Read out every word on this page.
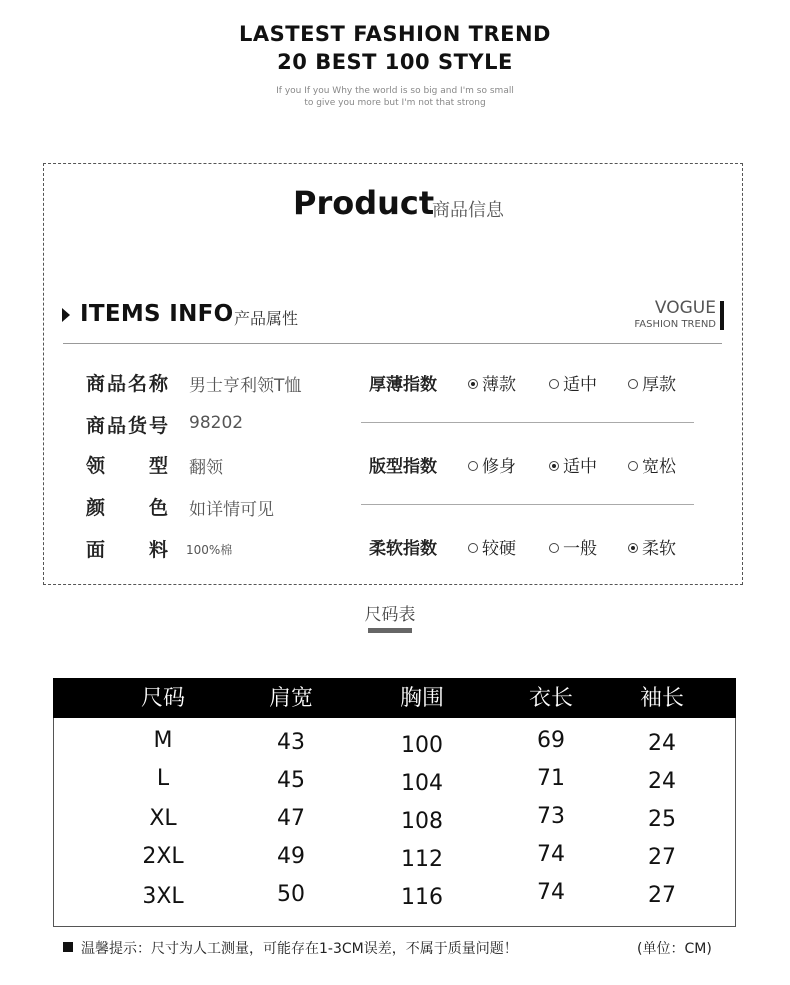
LASTEST FASHION TREND
20 BEST 100 STYLE
If you If you Why the world is so big and I'm so small
to give you more but I'm not that strong
Product
商品信息
ITEMS INFO 产品属性
VOGUE
FASHION TREND
商品名称 男士亨利领T恤
商品货号 98202
领型 翻领
颜色 如详情可见
面料 100%棉
厚薄指数	薄款	适中	厚款
版型指数	修身	适中	宽松
柔软指数	较硬	一般	柔软
尺码表
尺码	肩宽	胸围	衣长	袖长
M	43	100	69	24
L	45	104	71	24
XL	47	108	73	25
2XL	49	112	74	27
3XL	50	116	74	27
温馨提示：尺寸为人工测量，可能存在1-3CM误差，不属于质量问题！	(单位：CM)
